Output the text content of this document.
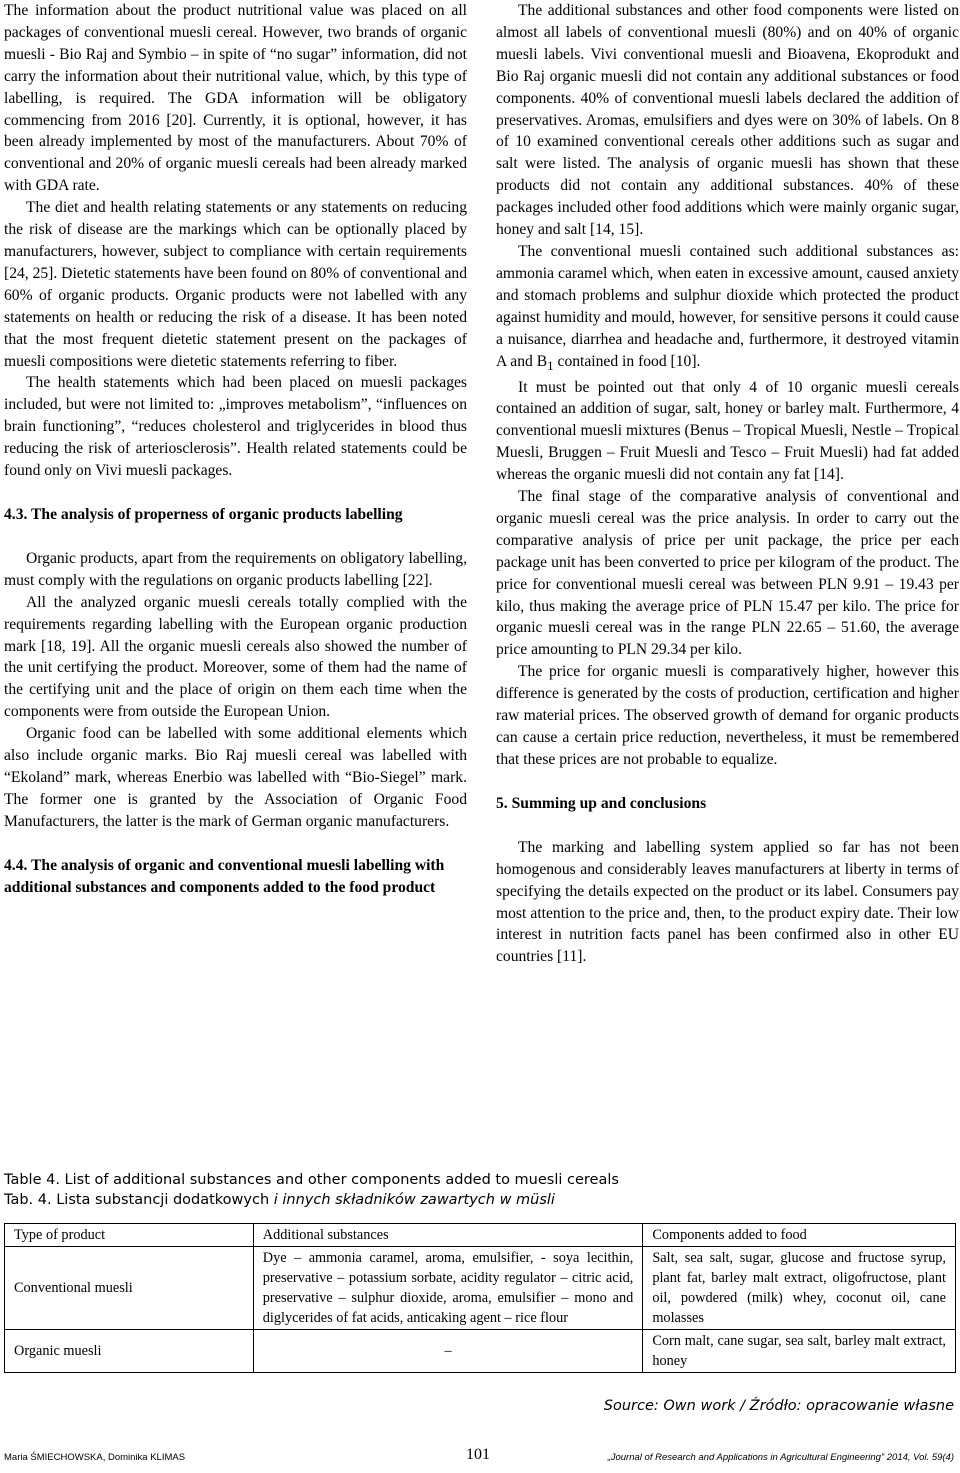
The information about the product nutritional value was placed on all packages of conventional muesli cereal. However, two brands of organic muesli - Bio Raj and Symbio – in spite of “no sugar” information, did not carry the information about their nutritional value, which, by this type of labelling, is required. The GDA information will be obligatory commencing from 2016 [20]. Currently, it is optional, however, it has been already implemented by most of the manufacturers. About 70% of conventional and 20% of organic muesli cereals had been already marked with GDA rate.

The diet and health relating statements or any statements on reducing the risk of disease are the markings which can be optionally placed by manufacturers, however, subject to compliance with certain requirements [24, 25]. Dietetic statements have been found on 80% of conventional and 60% of organic products. Organic products were not labelled with any statements on health or reducing the risk of a disease. It has been noted that the most frequent dietetic statement present on the packages of muesli compositions were dietetic statements referring to fiber.

The health statements which had been placed on muesli packages included, but were not limited to: „improves metabolism”, “influences on brain functioning”, “reduces cholesterol and triglycerides in blood thus reducing the risk of arteriosclerosis”. Health related statements could be found only on Vivi muesli packages.

4.3. The analysis of properness of organic products labelling

Organic products, apart from the requirements on obligatory labelling, must comply with the regulations on organic products labelling [22].

All the analyzed organic muesli cereals totally complied with the requirements regarding labelling with the European organic production mark [18, 19]. All the organic muesli cereals also showed the number of the unit certifying the product. Moreover, some of them had the name of the certifying unit and the place of origin on them each time when the components were from outside the European Union.

Organic food can be labelled with some additional elements which also include organic marks. Bio Raj muesli cereal was labelled with “Ekoland” mark, whereas Enerbio was labelled with “Bio-Siegel” mark. The former one is granted by the Association of Organic Food Manufacturers, the latter is the mark of German organic manufacturers.

4.4. The analysis of organic and conventional muesli labelling with additional substances and components added to the food product

The additional substances and other food components were listed on almost all labels of conventional muesli (80%) and on 40% of organic muesli labels. Vivi conventional muesli and Bioavena, Ekoprodukt and Bio Raj organic muesli did not contain any additional substances or food components. 40% of conventional muesli labels declared the addition of preservatives. Aromas, emulsifiers and dyes were on 30% of labels. On 8 of 10 examined conventional cereals other additions such as sugar and salt were listed. The analysis of organic muesli has shown that these products did not contain any additional substances. 40% of these packages included other food additions which were mainly organic sugar, honey and salt [14, 15].

The conventional muesli contained such additional substances as: ammonia caramel which, when eaten in excessive amount, caused anxiety and stomach problems and sulphur dioxide which protected the product against humidity and mould, however, for sensitive persons it could cause a nuisance, diarrhea and headache and, furthermore, it destroyed vitamin A and $B_1$ contained in food [10].

It must be pointed out that only 4 of 10 organic muesli cereals contained an addition of sugar, salt, honey or barley malt. Furthermore, 4 conventional muesli mixtures (Benus – Tropical Muesli, Nestle – Tropical Muesli, Bruggen – Fruit Muesli and Tesco – Fruit Muesli) had fat added whereas the organic muesli did not contain any fat [14].

The final stage of the comparative analysis of conventional and organic muesli cereal was the price analysis. In order to carry out the comparative analysis of price per unit package, the price per each package unit has been converted to price per kilogram of the product. The price for conventional muesli cereal was between PLN 9.91 – 19.43 per kilo, thus making the average price of PLN 15.47 per kilo. The price for organic muesli cereal was in the range PLN 22.65 – 51.60, the average price amounting to PLN 29.34 per kilo.

The price for organic muesli is comparatively higher, however this difference is generated by the costs of production, certification and higher raw material prices. The observed growth of demand for organic products can cause a certain price reduction, nevertheless, it must be remembered that these prices are not probable to equalize.

5. Summing up and conclusions

The marking and labelling system applied so far has not been homogenous and considerably leaves manufacturers at liberty in terms of specifying the details expected on the product or its label. Consumers pay most attention to the price and, then, to the product expiry date. Their low interest in nutrition facts panel has been confirmed also in other EU countries [11].

Table 4. List of additional substances and other components added to muesli cereals
Tab. 4. Lista substancji dodatkowych i innych składników zawartych w müsli
Type of product	Additional substances	Components added to food
Conventional muesli	Dye – ammonia caramel, aroma, emulsifier, - soya lecithin, preservative – potassium sorbate, acidity regulator – citric acid, preservative – sulphur dioxide, aroma, emulsifier – mono and diglycerides of fat acids, anticaking agent – rice flour	Salt, sea salt, sugar, glucose and fructose syrup, plant fat, barley malt extract, oligofructose, plant oil, powdered (milk) whey, coconut oil, cane molasses
Organic muesli	–	Corn malt, cane sugar, sea salt, barley malt extract, honey
Source: Own work / Źródło: opracowanie własne
Maria ŚMIECHOWSKA, Dominika KLIMAS	101	„Journal of Research and Applications in Agricultural Engineering” 2014, Vol. 59(4)
